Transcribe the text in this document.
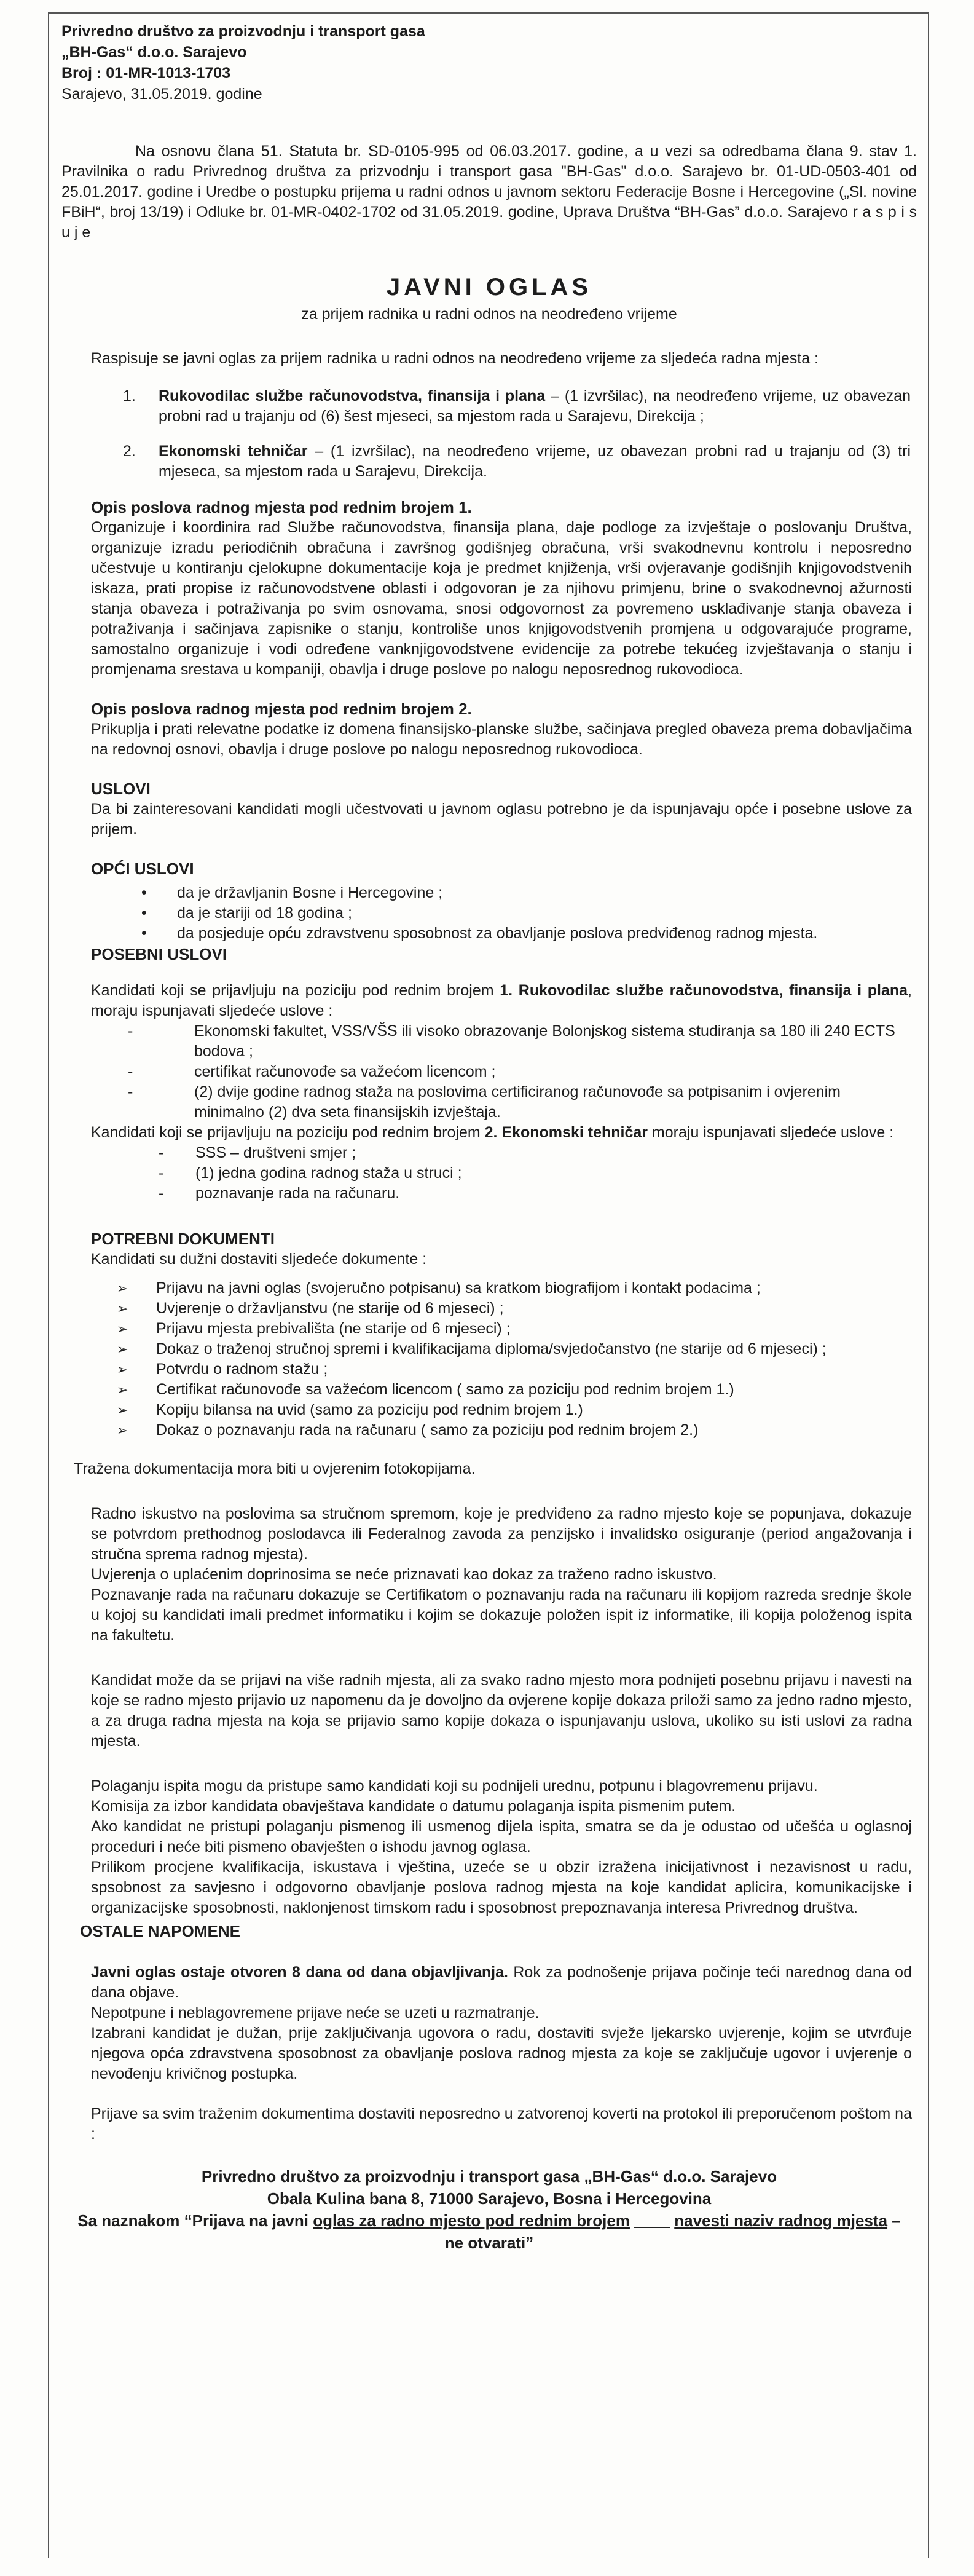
Privredno društvo za proizvodnju i transport gasa
„BH-Gas“ d.o.o. Sarajevo
Broj : 01-MR-1013-1703
Sarajevo, 31.05.2019. godine

Na osnovu člana 51. Statuta br. SD-0105-995 od 06.03.2017. godine, a u vezi sa odredbama člana 9. stav 1. Pravilnika o radu Privrednog društva za prizvodnju i transport gasa "BH-Gas" d.o.o. Sarajevo br. 01-UD-0503-401 od 25.01.2017. godine i Uredbe o postupku prijema u radni odnos u javnom sektoru Federacije Bosne i Hercegovine („Sl. novine FBiH“, broj 13/19) i Odluke br. 01-MR-0402-1702 od 31.05.2019. godine, Uprava Društva “BH-Gas” d.o.o. Sarajevo r a s p i s u j e

JAVNI OGLAS
za prijem radnika u radni odnos na neodređeno vrijeme

Raspisuje se javni oglas za prijem radnika u radni odnos na neodređeno vrijeme za sljedeća radna mjesta :

1.	Rukovodilac službe računovodstva, finansija i plana – (1 izvršilac), na neodređeno vrijeme, uz obavezan probni rad u trajanju od (6) šest mjeseci, sa mjestom rada u Sarajevu, Direkcija ;
2.	Ekonomski tehničar – (1 izvršilac), na neodređeno vrijeme, uz obavezan probni rad u trajanju od (3) tri mjeseca, sa mjestom rada u Sarajevu, Direkcija.
Opis poslova radnog mjesta pod rednim brojem 1.

Organizuje i koordinira rad Službe računovodstva, finansija plana, daje podloge za izvještaje o poslovanju Društva, organizuje izradu periodičnih obračuna i završnog godišnjeg obračuna, vrši svakodnevnu kontrolu i neposredno učestvuje u kontiranju cjelokupne dokumentacije koja je predmet knjiženja, vrši ovjeravanje godišnjih knjigovodstvenih iskaza, prati propise iz računovodstvene oblasti i odgovoran je za njihovu primjenu, brine o svakodnevnoj ažurnosti stanja obaveza i potraživanja po svim osnovama, snosi odgovornost za povremeno usklađivanje stanja obaveza i potraživanja i sačinjava zapisnike o stanju, kontroliše unos knjigovodstvenih promjena u odgovarajuće programe, samostalno organizuje i vodi određene vanknjigovodstvene evidencije za potrebe tekućeg izvještavanja o stanju i promjenama srestava u kompaniji, obavlja i druge poslove po nalogu neposrednog rukovodioca.

Opis poslova radnog mjesta pod rednim brojem 2.

Prikuplja i prati relevatne podatke iz domena finansijsko-planske službe, sačinjava pregled obaveza prema dobavljačima na redovnoj osnovi, obavlja i druge poslove po nalogu neposrednog rukovodioca.

USLOVI

Da bi zainteresovani kandidati mogli učestvovati u javnom oglasu potrebno je da ispunjavaju opće i posebne uslove za prijem.

OPĆI USLOVI
•	da je državljanin Bosne i Hercegovine ;
•	da je stariji od 18 godina ;
•	da posjeduje opću zdravstvenu sposobnost za obavljanje poslova predviđenog radnog mjesta.
POSEBNI USLOVI

Kandidati koji se prijavljuju na poziciju pod rednim brojem 1. Rukovodilac službe računovodstva, finansija i plana, moraju ispunjavati sljedeće uslove :

-	Ekonomski fakultet, VSS/VŠS ili visoko obrazovanje Bolonjskog sistema studiranja sa 180 ili 240 ECTS bodova ;
-	certifikat računovođe sa važećom licencom ;
-	(2) dvije godine radnog staža na poslovima certificiranog računovođe sa potpisanim i ovjerenim minimalno (2) dva seta finansijskih izvještaja.

Kandidati koji se prijavljuju na poziciju pod rednim brojem 2. Ekonomski tehničar moraju ispunjavati sljedeće uslove :

-	SSS – društveni smjer ;
-	(1) jedna godina radnog staža u struci ;
-	poznavanje rada na računaru.
POTREBNI DOKUMENTI

Kandidati su dužni dostaviti sljedeće dokumente :

➢	Prijavu na javni oglas (svojeručno potpisanu) sa kratkom biografijom i kontakt podacima ;
➢	Uvjerenje o državljanstvu (ne starije od 6 mjeseci) ;
➢	Prijavu mjesta prebivališta (ne starije od 6 mjeseci) ;
➢	Dokaz o traženoj stručnoj spremi i kvalifikacijama diploma/svjedočanstvo (ne starije od 6 mjeseci) ;
➢	Potvrdu o radnom stažu ;
➢	Certifikat računovođe sa važećom licencom ( samo za poziciju pod rednim brojem 1.)
➢	Kopiju bilansa na uvid (samo za poziciju pod rednim brojem 1.)
➢	Dokaz o poznavanju rada na računaru ( samo za poziciju pod rednim brojem 2.)

Tražena dokumentacija mora biti u ovjerenim fotokopijama.

Radno iskustvo na poslovima sa stručnom spremom, koje je predviđeno za radno mjesto koje se popunjava, dokazuje se potvrdom prethodnog poslodavca ili Federalnog zavoda za penzijsko i invalidsko osiguranje (period angažovanja i stručna sprema radnog mjesta).

Uvjerenja o uplaćenim doprinosima se neće priznavati kao dokaz za traženo radno iskustvo.

Poznavanje rada na računaru dokazuje se Certifikatom o poznavanju rada na računaru ili kopijom razreda srednje škole u kojoj su kandidati imali predmet informatiku i kojim se dokazuje položen ispit iz informatike, ili kopija položenog ispita na fakultetu.

Kandidat može da se prijavi na više radnih mjesta, ali za svako radno mjesto mora podnijeti posebnu prijavu i navesti na koje se radno mjesto prijavio uz napomenu da je dovoljno da ovjerene kopije dokaza priloži samo za jedno radno mjesto, a za druga radna mjesta na koja se prijavio samo kopije dokaza o ispunjavanju uslova, ukoliko su isti uslovi za radna mjesta.

Polaganju ispita mogu da pristupe samo kandidati koji su podnijeli urednu, potpunu i blagovremenu prijavu.

Komisija za izbor kandidata obavještava kandidate o datumu polaganja ispita pismenim putem.

Ako kandidat ne pristupi polaganju pismenog ili usmenog dijela ispita, smatra se da je odustao od učešća u oglasnoj proceduri i neće biti pismeno obavješten o ishodu javnog oglasa.

Prilikom procjene kvalifikacija, iskustava i vještina, uzeće se u obzir izražena inicijativnost i nezavisnost u radu, spsobnost za savjesno i odgovorno obavljanje poslova radnog mjesta na koje kandidat aplicira, komunikacijske i organizacijske sposobnosti, naklonjenost timskom radu i sposobnost prepoznavanja interesa Privrednog društva.

OSTALE NAPOMENE

Javni oglas ostaje otvoren 8 dana od dana objavljivanja. Rok za podnošenje prijava počinje teći narednog dana od dana objave.

Nepotpune i neblagovremene prijave neće se uzeti u razmatranje.

Izabrani kandidat je dužan, prije zaključivanja ugovora o radu, dostaviti svježe ljekarsko uvjerenje, kojim se utvrđuje njegova opća zdravstvena sposobnost za obavljanje poslova radnog mjesta za koje se zaključuje ugovor i uvjerenje o nevođenju krivičnog postupka.

Prijave sa svim traženim dokumentima dostaviti neposredno u zatvorenoj koverti na protokol ili preporučenom poštom na :

Privredno društvo za proizvodnju i transport gasa „BH-Gas“ d.o.o. Sarajevo
Obala Kulina bana 8, 71000 Sarajevo, Bosna i Hercegovina
Sa naznakom “Prijava na javni oglas za radno mjesto pod rednim brojem ____ navesti naziv radnog mjesta –
ne otvarati”
